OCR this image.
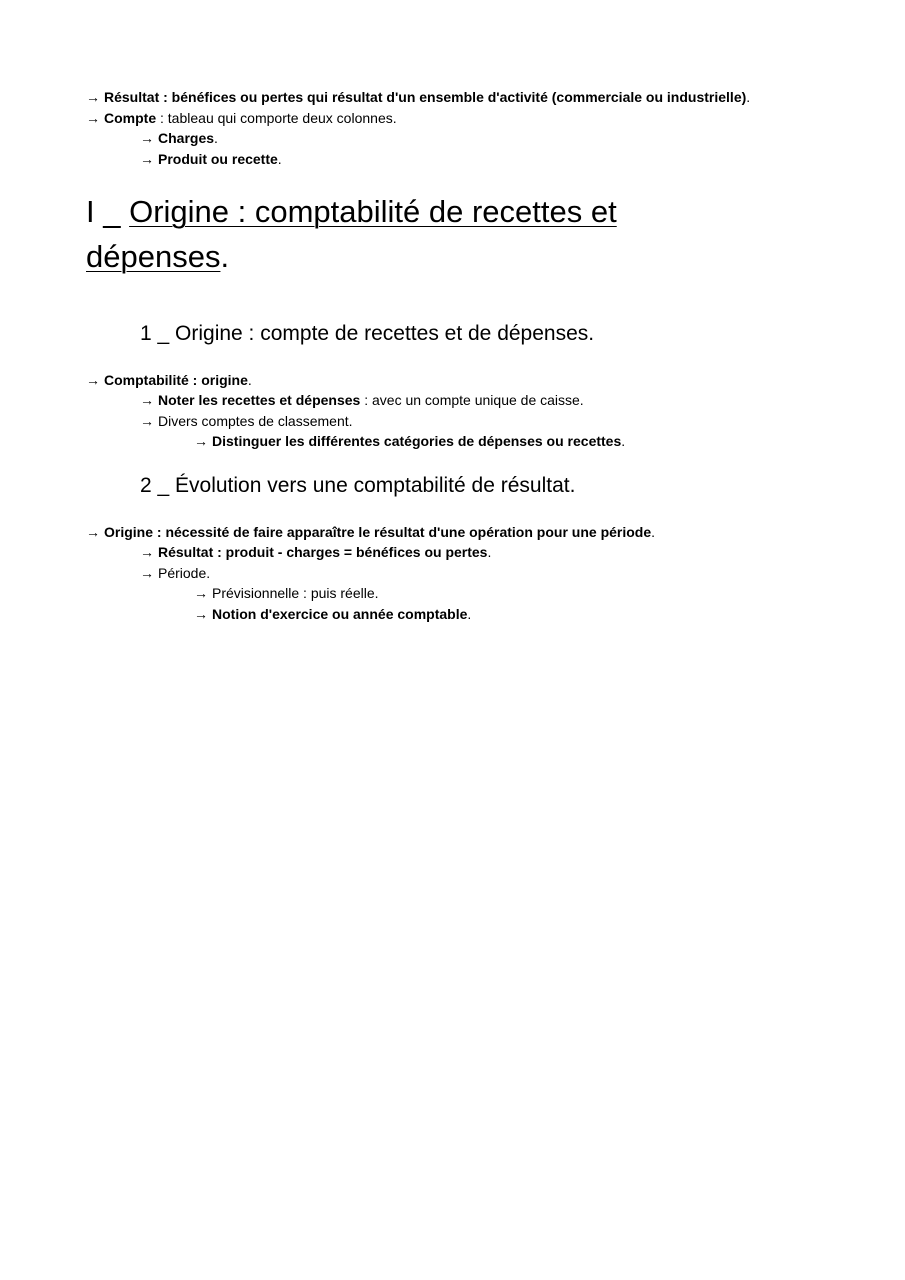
→ Résultat : bénéfices ou pertes qui résultat d'un ensemble d'activité (commerciale ou industrielle).
→ Compte : tableau qui comporte deux colonnes.
→ Charges.
→ Produit ou recette.
I _ Origine : comptabilité de recettes et
dépenses.
1 _ Origine : compte de recettes et de dépenses.
→ Comptabilité : origine.
→ Noter les recettes et dépenses : avec un compte unique de caisse.
→ Divers comptes de classement.
→ Distinguer les différentes catégories de dépenses ou recettes.
2 _ Évolution vers une comptabilité de résultat.
→ Origine : nécessité de faire apparaître le résultat d'une opération pour une période.
→ Résultat : produit - charges = bénéfices ou pertes.
→ Période.
→ Prévisionnelle : puis réelle.
→ Notion d'exercice ou année comptable.
